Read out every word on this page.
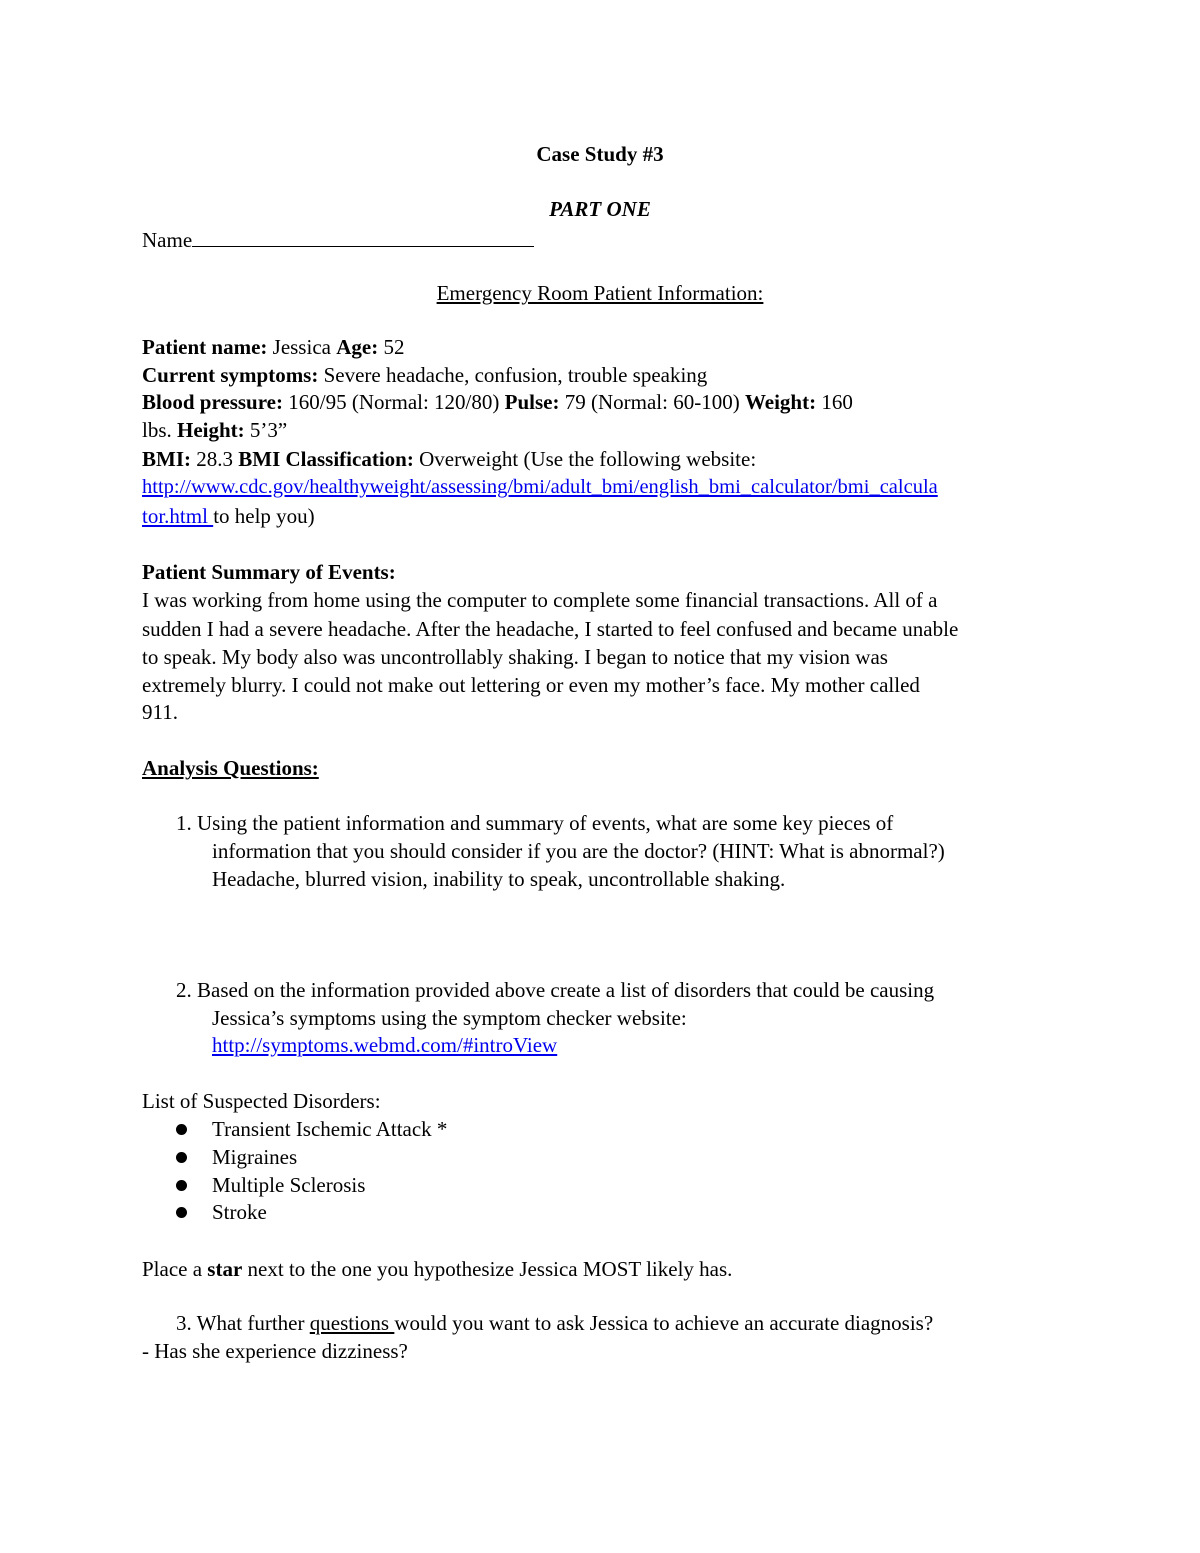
Case Study #3
PART ONE
Name
Emergency Room Patient Information:
Patient name: Jessica Age: 52
Current symptoms: Severe headache, confusion, trouble speaking
Blood pressure: 160/95 (Normal: 120/80) Pulse: 79 (Normal: 60-100) Weight: 160
lbs. Height: 5’3”
BMI: 28.3 BMI Classification: Overweight (Use the following website:
http://www.cdc.gov/healthyweight/assessing/bmi/adult_bmi/english_bmi_calculator/bmi_calcula
tor.html to help you)
Patient Summary of Events:
I was working from home using the computer to complete some financial transactions. All of a
sudden I had a severe headache. After the headache, I started to feel confused and became unable
to speak. My body also was uncontrollably shaking. I began to notice that my vision was
extremely blurry. I could not make out lettering or even my mother’s face. My mother called
911.
Analysis Questions:
1. Using the patient information and summary of events, what are some key pieces of
information that you should consider if you are the doctor? (HINT: What is abnormal?)
Headache, blurred vision, inability to speak, uncontrollable shaking.
2. Based on the information provided above create a list of disorders that could be causing
Jessica’s symptoms using the symptom checker website:
http://symptoms.webmd.com/#introView
List of Suspected Disorders:
Transient Ischemic Attack *
Migraines
Multiple Sclerosis
Stroke
Place a star next to the one you hypothesize Jessica MOST likely has.
3. What further questions would you want to ask Jessica to achieve an accurate diagnosis?
- Has she experience dizziness?
